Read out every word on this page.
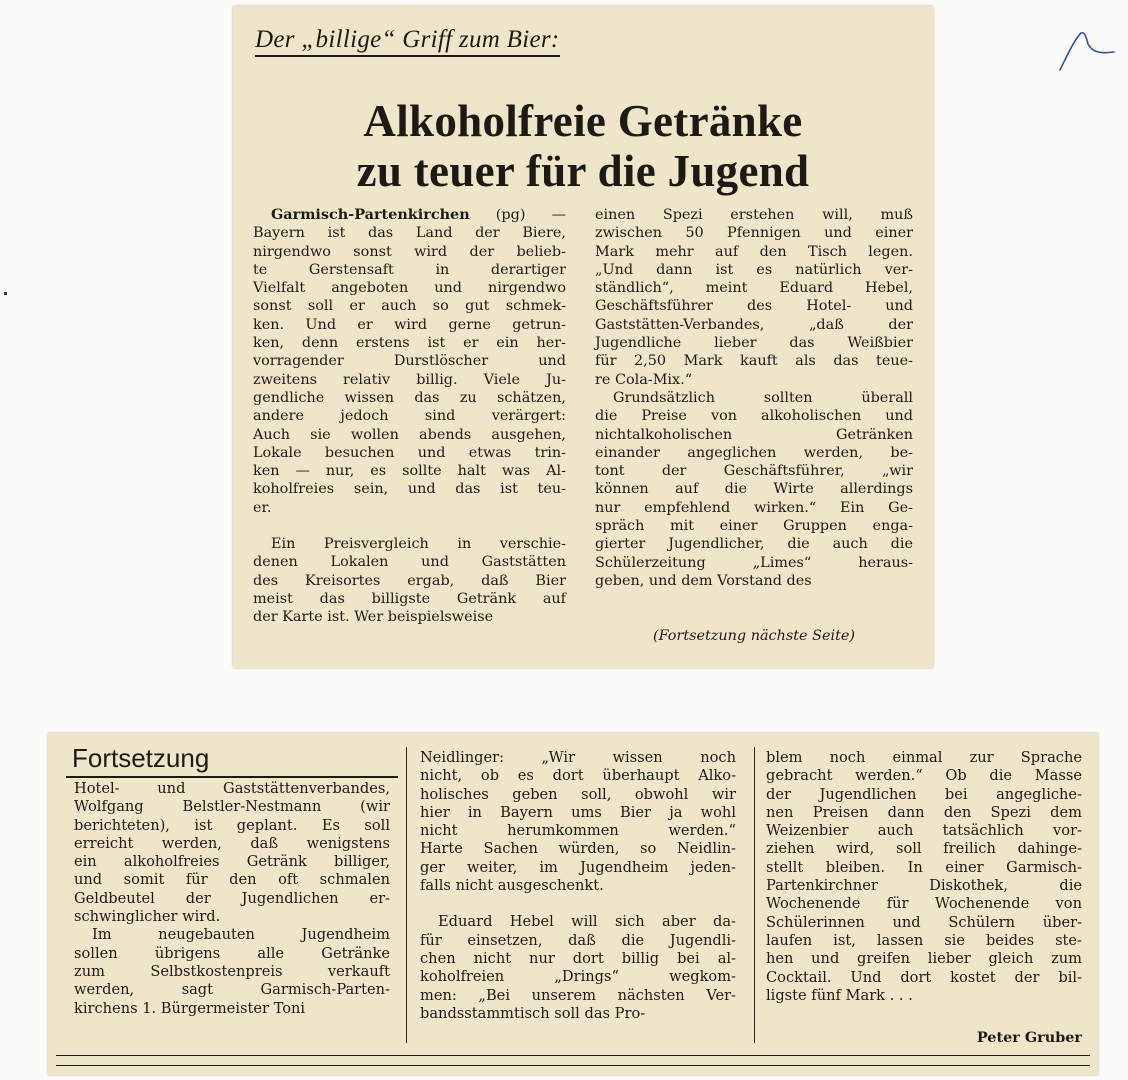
Der „billige“ Griff zum Bier:
Alkoholfreie Getränke
zu teuer für die Jugend
Garmisch-Partenkirchen (pg) —
Bayern ist das Land der Biere,
nirgendwo sonst wird der belieb-
te Gerstensaft in derartiger
Vielfalt angeboten und nirgendwo
sonst soll er auch so gut schmek-
ken. Und er wird gerne getrun-
ken, denn erstens ist er ein her-
vorragender Durstlöscher und
zweitens relativ billig. Viele Ju-
gendliche wissen das zu schätzen,
andere jedoch sind verärgert:
Auch sie wollen abends ausgehen,
Lokale besuchen und etwas trin-
ken — nur, es sollte halt was Al-
koholfreies sein, und das ist teu-
er.
Ein Preisvergleich in verschie-
denen Lokalen und Gaststätten
des Kreisortes ergab, daß Bier
meist das billigste Getränk auf
der Karte ist. Wer beispielsweise
einen Spezi erstehen will, muß
zwischen 50 Pfennigen und einer
Mark mehr auf den Tisch legen.
„Und dann ist es natürlich ver-
ständlich“, meint Eduard Hebel,
Geschäftsführer des Hotel- und
Gaststätten-Verbandes, „daß der
Jugendliche lieber das Weißbier
für 2,50 Mark kauft als das teue-
re Cola-Mix.“
Grundsätzlich sollten überall
die Preise von alkoholischen und
nichtalkoholischen Getränken
einander angeglichen werden, be-
tont der Geschäftsführer, „wir
können auf die Wirte allerdings
nur empfehlend wirken.“ Ein Ge-
spräch mit einer Gruppen enga-
gierter Jugendlicher, die auch die
Schülerzeitung „Limes“ heraus-
geben, und dem Vorstand des
(Fortsetzung nächste Seite)
Fortsetzung
Hotel- und Gaststättenverbandes,
Wolfgang Belstler-Nestmann (wir
berichteten), ist geplant. Es soll
erreicht werden, daß wenigstens
ein alkoholfreies Getränk billiger,
und somit für den oft schmalen
Geldbeutel der Jugendlichen er-
schwinglicher wird.
Im neugebauten Jugendheim
sollen übrigens alle Getränke
zum Selbstkostenpreis verkauft
werden, sagt Garmisch-Parten-
kirchens 1. Bürgermeister Toni
Neidlinger: „Wir wissen noch
nicht, ob es dort überhaupt Alko-
holisches geben soll, obwohl wir
hier in Bayern ums Bier ja wohl
nicht herumkommen werden.“
Harte Sachen würden, so Neidlin-
ger weiter, im Jugendheim jeden-
falls nicht ausgeschenkt.
Eduard Hebel will sich aber da-
für einsetzen, daß die Jugendli-
chen nicht nur dort billig bei al-
koholfreien „Drings“ wegkom-
men: „Bei unserem nächsten Ver-
bandsstammtisch soll das Pro-
blem noch einmal zur Sprache
gebracht werden.“ Ob die Masse
der Jugendlichen bei angegliche-
nen Preisen dann den Spezi dem
Weizenbier auch tatsächlich vor-
ziehen wird, soll freilich dahinge-
stellt bleiben. In einer Garmisch-
Partenkirchner Diskothek, die
Wochenende für Wochenende von
Schülerinnen und Schülern über-
laufen ist, lassen sie beides ste-
hen und greifen lieber gleich zum
Cocktail. Und dort kostet der bil-
ligste fünf Mark . . .
Peter Gruber
